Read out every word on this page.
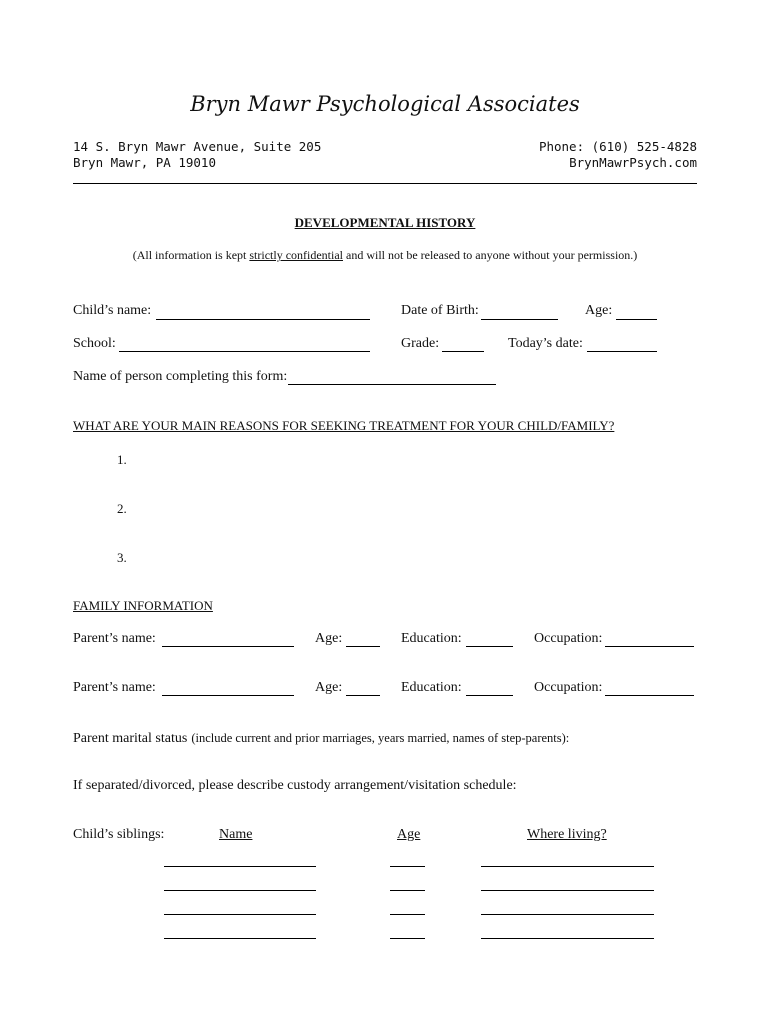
Bryn Mawr Psychological Associates
14 S. Bryn Mawr Avenue, Suite 205
Bryn Mawr, PA 19010
Phone: (610) 525-4828
BrynMawrPsych.com
DEVELOPMENTAL HISTORY
(All information is kept strictly confidential and will not be released to anyone without your permission.)
Child’s name:	Date of Birth:	Age:
School:	Grade:	Today’s date:
Name of person completing this form:
WHAT ARE YOUR MAIN REASONS FOR SEEKING TREATMENT FOR YOUR CHILD/FAMILY?
1.
2.
3.
FAMILY INFORMATION
Parent’s name:	Age:	Education:	Occupation:
Parent’s name:	Age:	Education:	Occupation:
Parent marital status (include current and prior marriages, years married, names of step-parents):
If separated/divorced, please describe custody arrangement/visitation schedule:
Child’s siblings:	Name	Age	Where living?
